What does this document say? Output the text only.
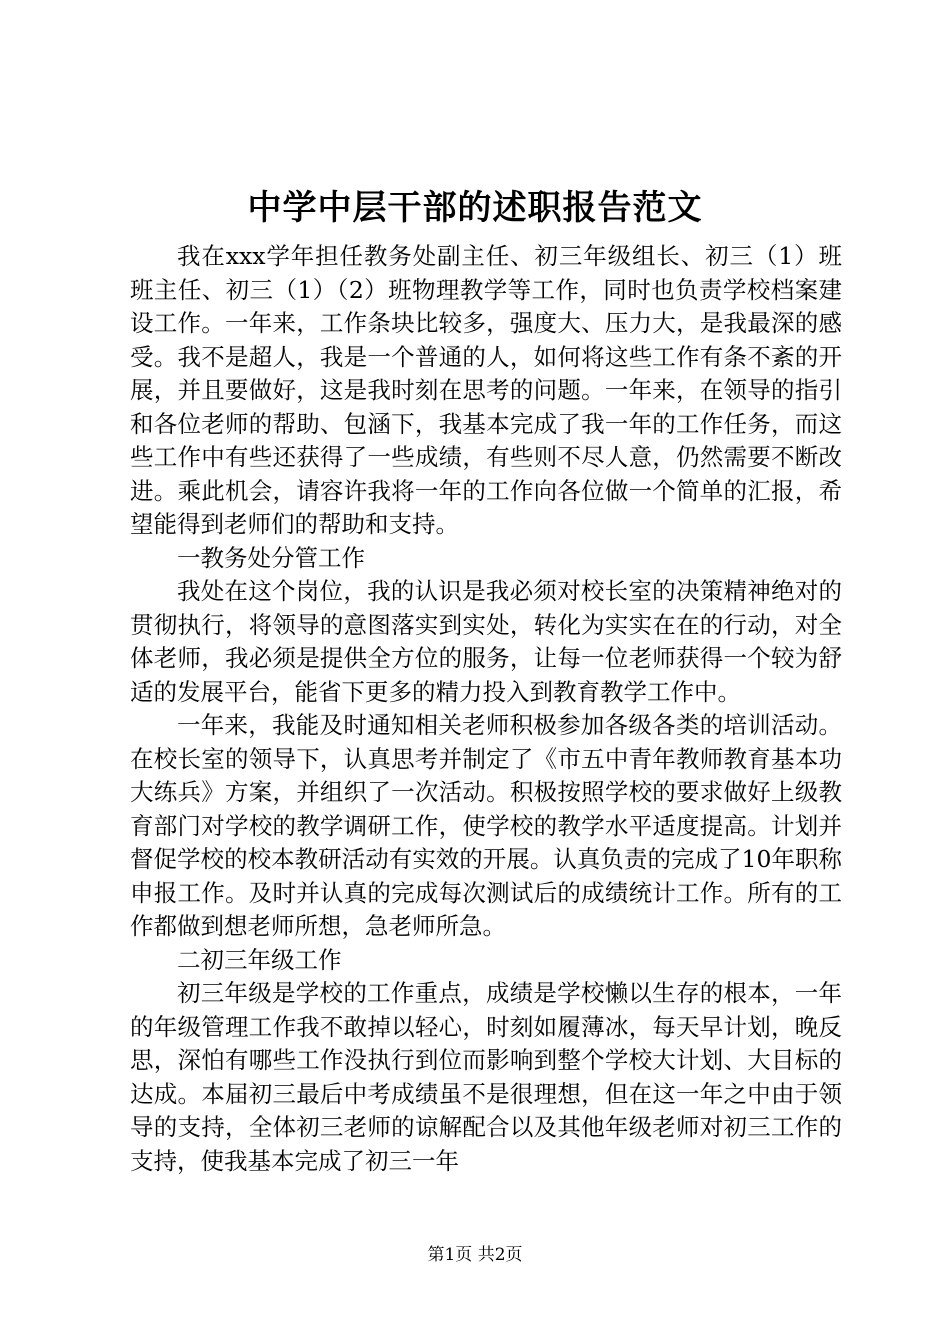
中学中层干部的述职报告范文

我在xxx学年担任教务处副主任、初三年级组长、初三（1）班班主任、初三（1）（2）班物理教学等工作，同时也负责学校档案建设工作。一年来，工作条块比较多，强度大、压力大，是我最深的感受。我不是超人，我是一个普通的人，如何将这些工作有条不紊的开展，并且要做好，这是我时刻在思考的问题。一年来，在领导的指引和各位老师的帮助、包涵下，我基本完成了我一年的工作任务，而这些工作中有些还获得了一些成绩，有些则不尽人意，仍然需要不断改进。乘此机会，请容许我将一年的工作向各位做一个简单的汇报，希望能得到老师们的帮助和支持。

一教务处分管工作

我处在这个岗位，我的认识是我必须对校长室的决策精神绝对的贯彻执行，将领导的意图落实到实处，转化为实实在在的行动，对全体老师，我必须是提供全方位的服务，让每一位老师获得一个较为舒适的发展平台，能省下更多的精力投入到教育教学工作中。

一年来，我能及时通知相关老师积极参加各级各类的培训活动。在校长室的领导下，认真思考并制定了《市五中青年教师教育基本功大练兵》方案，并组织了一次活动。积极按照学校的要求做好上级教育部门对学校的教学调研工作，使学校的教学水平适度提高。计划并督促学校的校本教研活动有实效的开展。认真负责的完成了10年职称申报工作。及时并认真的完成每次测试后的成绩统计工作。所有的工作都做到想老师所想，急老师所急。

二初三年级工作

初三年级是学校的工作重点，成绩是学校懒以生存的根本，一年的年级管理工作我不敢掉以轻心，时刻如履薄冰，每天早计划，晚反思，深怕有哪些工作没执行到位而影响到整个学校大计划、大目标的达成。本届初三最后中考成绩虽不是很理想，但在这一年之中由于领导的支持，全体初三老师的谅解配合以及其他年级老师对初三工作的支持，使我基本完成了初三一年

第1页 共2页
